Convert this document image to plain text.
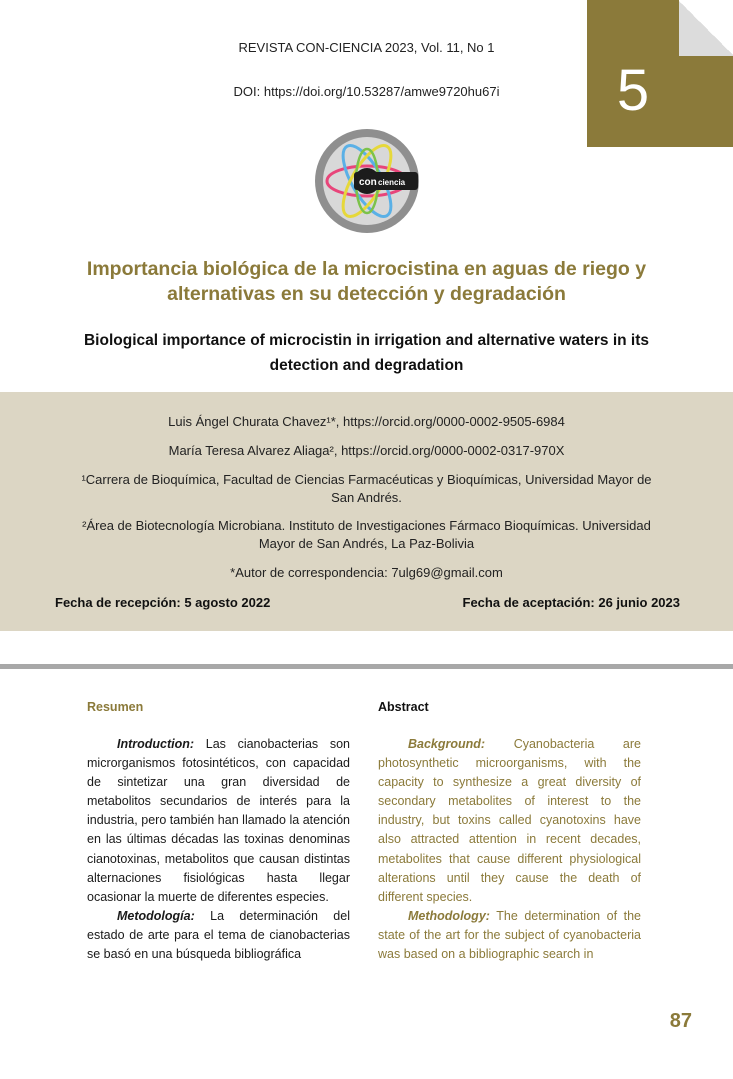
REVISTA CON-CIENCIA 2023, Vol. 11, No 1
DOI: https://doi.org/10.53287/amwe9720hu67i	5
con ciencia
Importancia biológica de la microcistina en aguas de riego y
alternativas en su detección y degradación
Biological importance of microcistin in irrigation and alternative waters in its
detection and degradation
Luis Ángel Churata Chavez¹*, https://orcid.org/0000-0002-9505-6984
María Teresa Alvarez Aliaga², https://orcid.org/0000-0002-0317-970X
¹Carrera de Bioquímica, Facultad de Ciencias Farmacéuticas y Bioquímicas, Universidad Mayor de
San Andrés.
²Área de Biotecnología Microbiana. Instituto de Investigaciones Fármaco Bioquímicas. Universidad
Mayor de San Andrés, La Paz-Bolivia
*Autor de correspondencia: 7ulg69@gmail.com
Fecha de recepción: 5 agosto 2022	Fecha de aceptación: 26 junio 2023
Resumen	Abstract

Introduction: Las cianobacterias son microrganismos fotosintéticos, con capacidad de sintetizar una gran diversidad de metabolitos secundarios de interés para la industria, pero también han llamado la atención en las últimas décadas las toxinas denominas cianotoxinas, metabolitos que causan distintas alternaciones fisiológicas hasta llegar ocasionar la muerte de diferentes especies.

Metodología: La determinación del estado de arte para el tema de cianobacterias se basó en una búsqueda bibliográfica

Background: Cyanobacteria are photosynthetic microorganisms, with the capacity to synthesize a great diversity of secondary metabolites of interest to the industry, but toxins called cyanotoxins have also attracted attention in recent decades, metabolites that cause different physiological alterations until they cause the death of different species.

Methodology: The determination of the state of the art for the subject of cyanobacteria was based on a bibliographic search in

87
